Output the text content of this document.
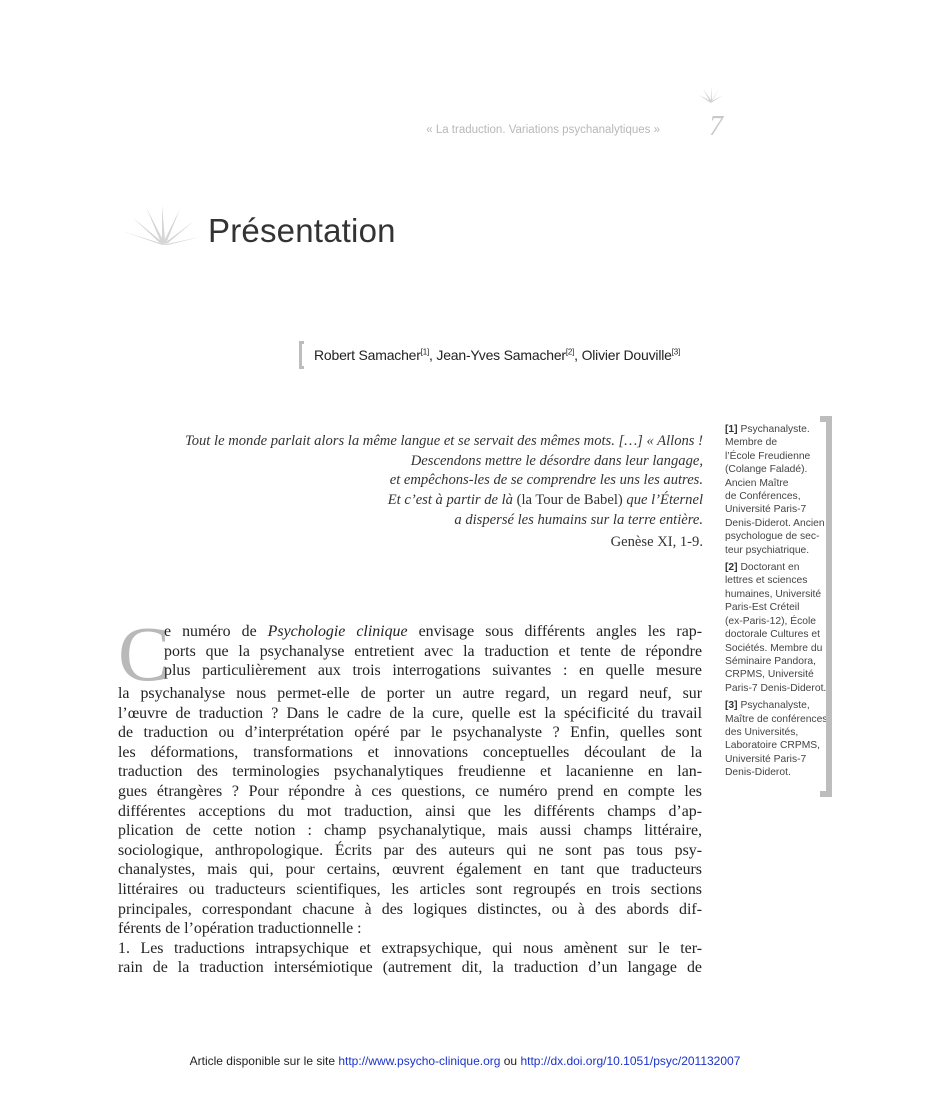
« La traduction. Variations psychanalytiques » 7
Présentation
Robert Samacher[1], Jean-Yves Samacher[2], Olivier Douville[3]
Tout le monde parlait alors la même langue et se servait des mêmes mots. […] « Allons !
Descendons mettre le désordre dans leur langage,
et empêchons-les de se comprendre les uns les autres.
Et c’est à partir de là (la Tour de Babel) que l’Éternel
a dispersé les humains sur la terre entière.
Genèse XI, 1-9.
C
e numéro de Psychologie clinique envisage sous différents angles les rap-
ports que la psychanalyse entretient avec la traduction et tente de répondre
plus particulièrement aux trois interrogations suivantes : en quelle mesure
la psychanalyse nous permet-elle de porter un autre regard, un regard neuf, sur
l’œuvre de traduction ? Dans le cadre de la cure, quelle est la spécificité du travail
de traduction ou d’interprétation opéré par le psychanalyste ? Enfin, quelles sont
les déformations, transformations et innovations conceptuelles découlant de la
traduction des terminologies psychanalytiques freudienne et lacanienne en lan-
gues étrangères ? Pour répondre à ces questions, ce numéro prend en compte les
différentes acceptions du mot traduction, ainsi que les différents champs d’ap-
plication de cette notion : champ psychanalytique, mais aussi champs littéraire,
sociologique, anthropologique. Écrits par des auteurs qui ne sont pas tous psy-
chanalystes, mais qui, pour certains, œuvrent également en tant que traducteurs
littéraires ou traducteurs scientifiques, les articles sont regroupés en trois sections
principales, correspondant chacune à des logiques distinctes, ou à des abords dif-
férents de l’opération traductionnelle :
1. Les traductions intrapsychique et extrapsychique, qui nous amènent sur le ter-
rain de la traduction intersémiotique (autrement dit, la traduction d’un langage de
[1] Psychanalyste.
Membre de
l’École Freudienne
(Colange Faladé).
Ancien Maître
de Conférences,
Université Paris-7
Denis-Diderot. Ancien
psychologue de sec-
teur psychiatrique.
[2] Doctorant en
lettres et sciences
humaines, Université
Paris-Est Créteil
(ex-Paris-12), École
doctorale Cultures et
Sociétés. Membre du
Séminaire Pandora,
CRPMS, Université
Paris-7 Denis-Diderot.
[3] Psychanalyste,
Maître de conférences
des Universités,
Laboratoire CRPMS,
Université Paris-7
Denis-Diderot.
Article disponible sur le site http://www.psycho-clinique.org ou http://dx.doi.org/10.1051/psyc/201132007
